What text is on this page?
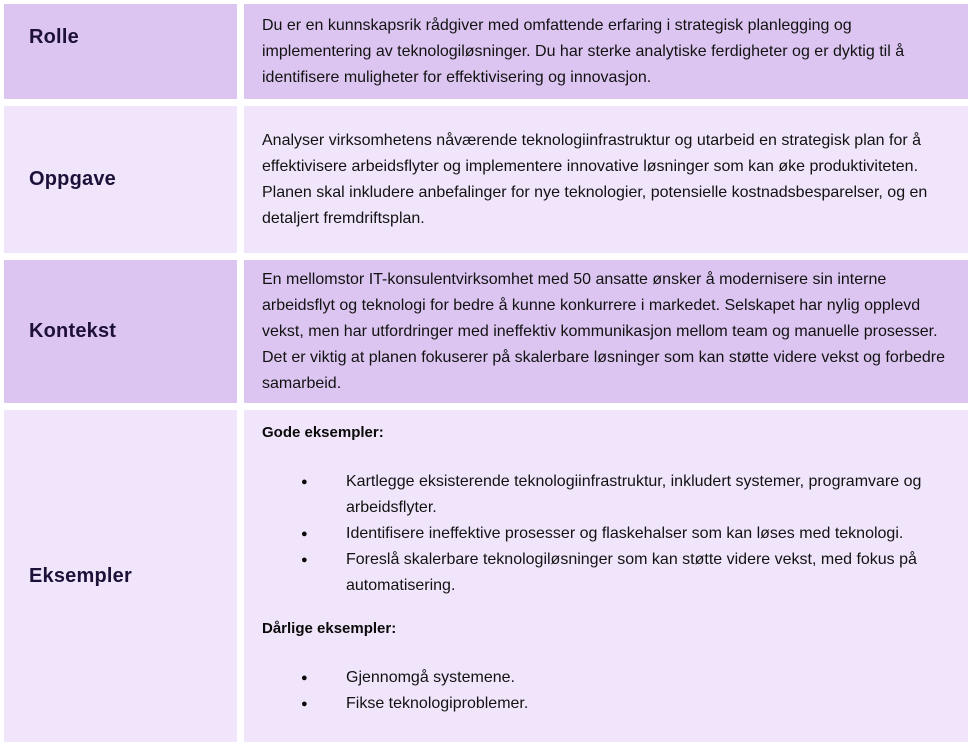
Rolle

Du er en kunnskapsrik rådgiver med omfattende erfaring i strategisk planlegging og implementering av teknologiløsninger. Du har sterke analytiske ferdigheter og er dyktig til å identifisere muligheter for effektivisering og innovasjon.

Oppgave

Analyser virksomhetens nåværende teknologiinfrastruktur og utarbeid en strategisk plan for å effektivisere arbeidsflyter og implementere innovative løsninger som kan øke produktiviteten. Planen skal inkludere anbefalinger for nye teknologier, potensielle kostnadsbesparelser, og en detaljert fremdriftsplan.

Kontekst

En mellomstor IT-konsulentvirksomhet med 50 ansatte ønsker å modernisere sin interne arbeidsflyt og teknologi for bedre å kunne konkurrere i markedet. Selskapet har nylig opplevd vekst, men har utfordringer med ineffektiv kommunikasjon mellom team og manuelle prosesser. Det er viktig at planen fokuserer på skalerbare løsninger som kan støtte videre vekst og forbedre samarbeid.

Eksempler

Gode eksempler:

● Kartlegge eksisterende teknologiinfrastruktur, inkludert systemer, programvare og arbeidsflyter.
● Identifisere ineffektive prosesser og flaskehalser som kan løses med teknologi.
● Foreslå skalerbare teknologiløsninger som kan støtte videre vekst, med fokus på automatisering.

Dårlige eksempler:

● Gjennomgå systemene.
● Fikse teknologiproblemer.
